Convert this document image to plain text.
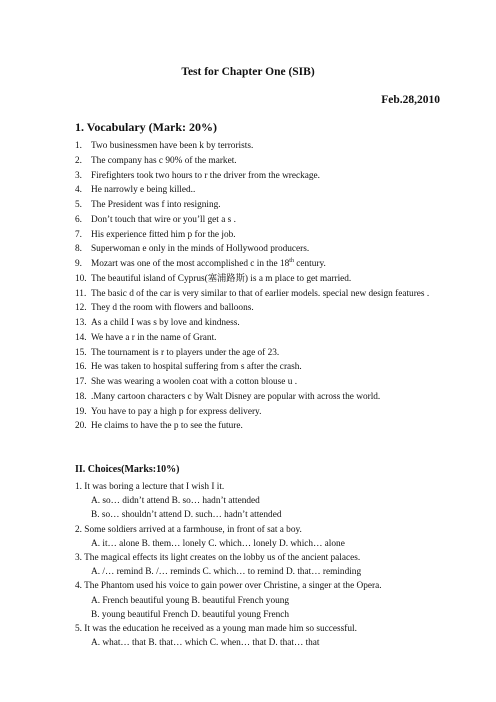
Test for Chapter One (SIB)
Feb.28,2010
1. Vocabulary (Mark: 20%)
1. Two businessmen have been k by terrorists.
2. The company has c 90% of the market.
3. Firefighters took two hours to r the driver from the wreckage.
4. He narrowly e being killed..
5. The President was f into resigning.
6. Don’t touch that wire or you’ll get a s .
7. His experience fitted him p for the job.
8. Superwoman e only in the minds of Hollywood producers.
9. Mozart was one of the most accomplished c in the 18th century.
10. The beautiful island of Cyprus(塞浦路斯) is a m place to get married.
11. The basic d of the car is very similar to that of earlier models. special new design features .
12. They d the room with flowers and balloons.
13. As a child I was s by love and kindness.
14. We have a r in the name of Grant.
15. The tournament is r to players under the age of 23.
16. He was taken to hospital suffering from s after the crash.
17. She was wearing a woolen coat with a cotton blouse u .
18. .Many cartoon characters c by Walt Disney are popular with across the world.
19. You have to pay a high p for express delivery.
20. He claims to have the p to see the future.
II. Choices(Marks:10%)
1. It was boring a lecture that I wish I it.
A. so… didn’t attend B. so… hadn’t attended
B. so… shouldn’t attend D. such… hadn’t attended
2. Some soldiers arrived at a farmhouse, in front of sat a boy.
A. it… alone B. them… lonely C. which… lonely D. which… alone
3. The magical effects its light creates on the lobby us of the ancient palaces.
A. /… remind B. /… reminds C. which… to remind D. that… reminding
4. The Phantom used his voice to gain power over Christine, a singer at the Opera.
A. French beautiful young B. beautiful French young
B. young beautiful French D. beautiful young French
5. It was the education he received as a young man made him so successful.
A. what… that B. that… which C. when… that D. that… that
